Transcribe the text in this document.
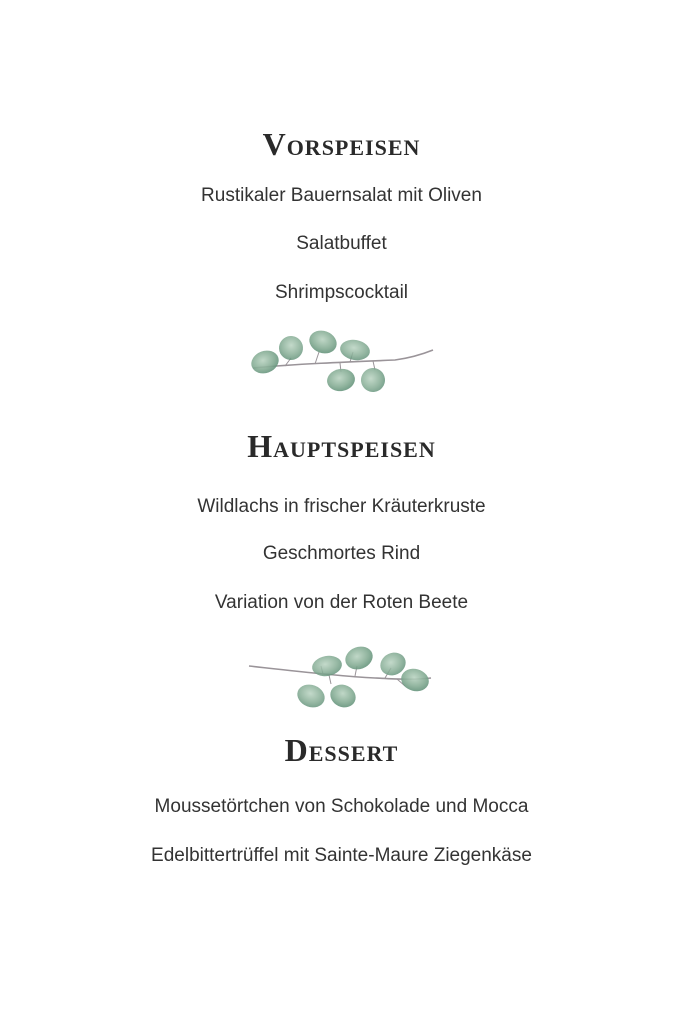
Vorspeisen
Rustikaler Bauernsalat mit Oliven
Salatbuffet
Shrimpscocktail
Hauptspeisen
Wildlachs in frischer Kräuterkruste
Geschmortes Rind
Variation von der Roten Beete
Dessert
Moussetörtchen von Schokolade und Mocca
Edelbittertrüffel mit Sainte-Maure Ziegenkäse
